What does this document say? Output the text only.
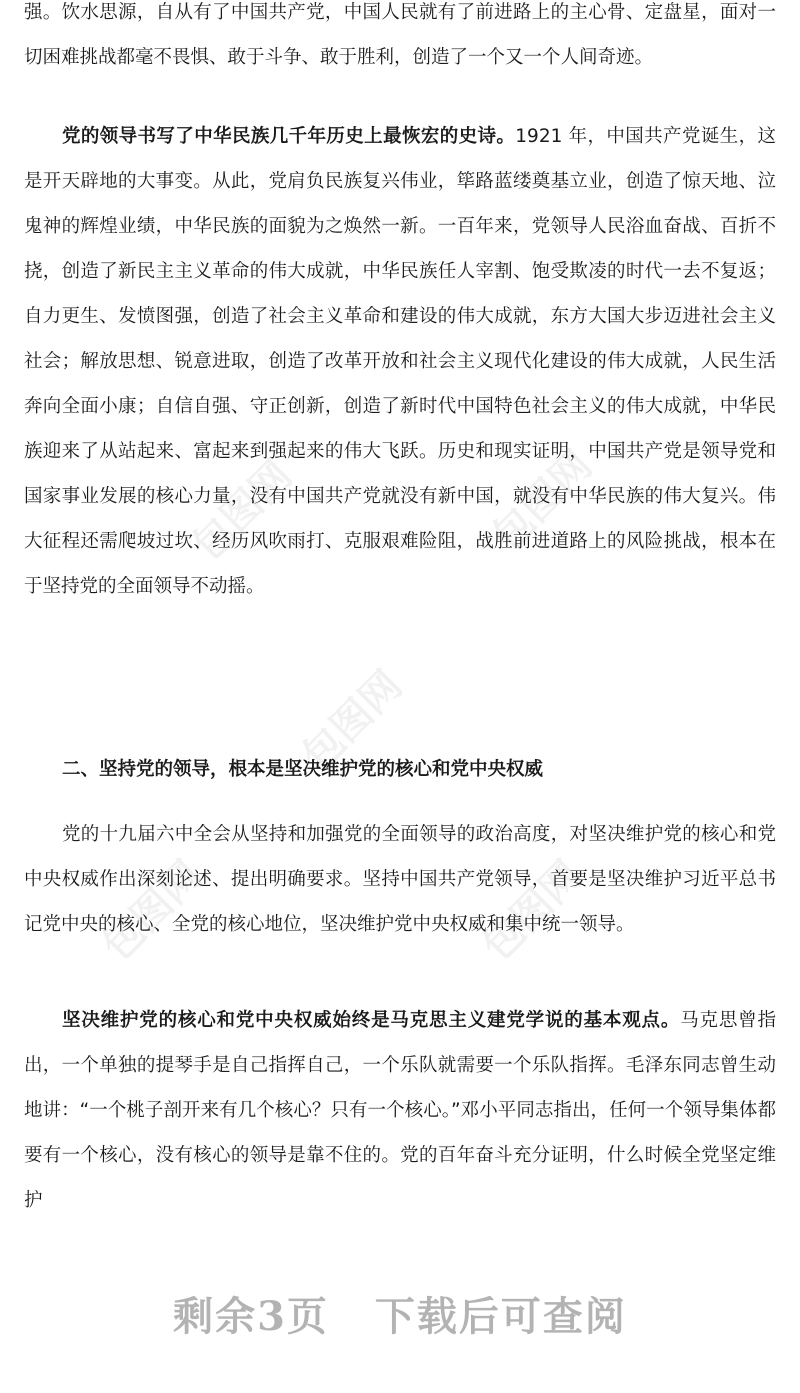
强。饮水思源，自从有了中国共产党，中国人民就有了前进路上的主心骨、定盘星，面对一切困难挑战都毫不畏惧、敢于斗争、敢于胜利，创造了一个又一个人间奇迹。

党的领导书写了中华民族几千年历史上最恢宏的史诗。1921 年，中国共产党诞生，这是开天辟地的大事变。从此，党肩负民族复兴伟业，筚路蓝缕奠基立业，创造了惊天地、泣鬼神的辉煌业绩，中华民族的面貌为之焕然一新。一百年来，党领导人民浴血奋战、百折不挠，创造了新民主主义革命的伟大成就，中华民族任人宰割、饱受欺凌的时代一去不复返；自力更生、发愤图强，创造了社会主义革命和建设的伟大成就，东方大国大步迈进社会主义社会；解放思想、锐意进取，创造了改革开放和社会主义现代化建设的伟大成就，人民生活奔向全面小康；自信自强、守正创新，创造了新时代中国特色社会主义的伟大成就，中华民族迎来了从站起来、富起来到强起来的伟大飞跃。历史和现实证明，中国共产党是领导党和国家事业发展的核心力量，没有中国共产党就没有新中国，就没有中华民族的伟大复兴。伟大征程还需爬坡过坎、经历风吹雨打、克服艰难险阻，战胜前进道路上的风险挑战，根本在于坚持党的全面领导不动摇。

二、坚持党的领导，根本是坚决维护党的核心和党中央权威

党的十九届六中全会从坚持和加强党的全面领导的政治高度，对坚决维护党的核心和党中央权威作出深刻论述、提出明确要求。坚持中国共产党领导，首要是坚决维护习近平总书记党中央的核心、全党的核心地位，坚决维护党中央权威和集中统一领导。

坚决维护党的核心和党中央权威始终是马克思主义建党学说的基本观点。马克思曾指出，一个单独的提琴手是自己指挥自己，一个乐队就需要一个乐队指挥。毛泽东同志曾生动地讲：“一个桃子剖开来有几个核心？只有一个核心。”邓小平同志指出，任何一个领导集体都要有一个核心，没有核心的领导是靠不住的。党的百年奋斗充分证明，什么时候全党坚定维护

包图网	包图网
包图网
包图网	包图网
剩余3页 下载后可查阅
